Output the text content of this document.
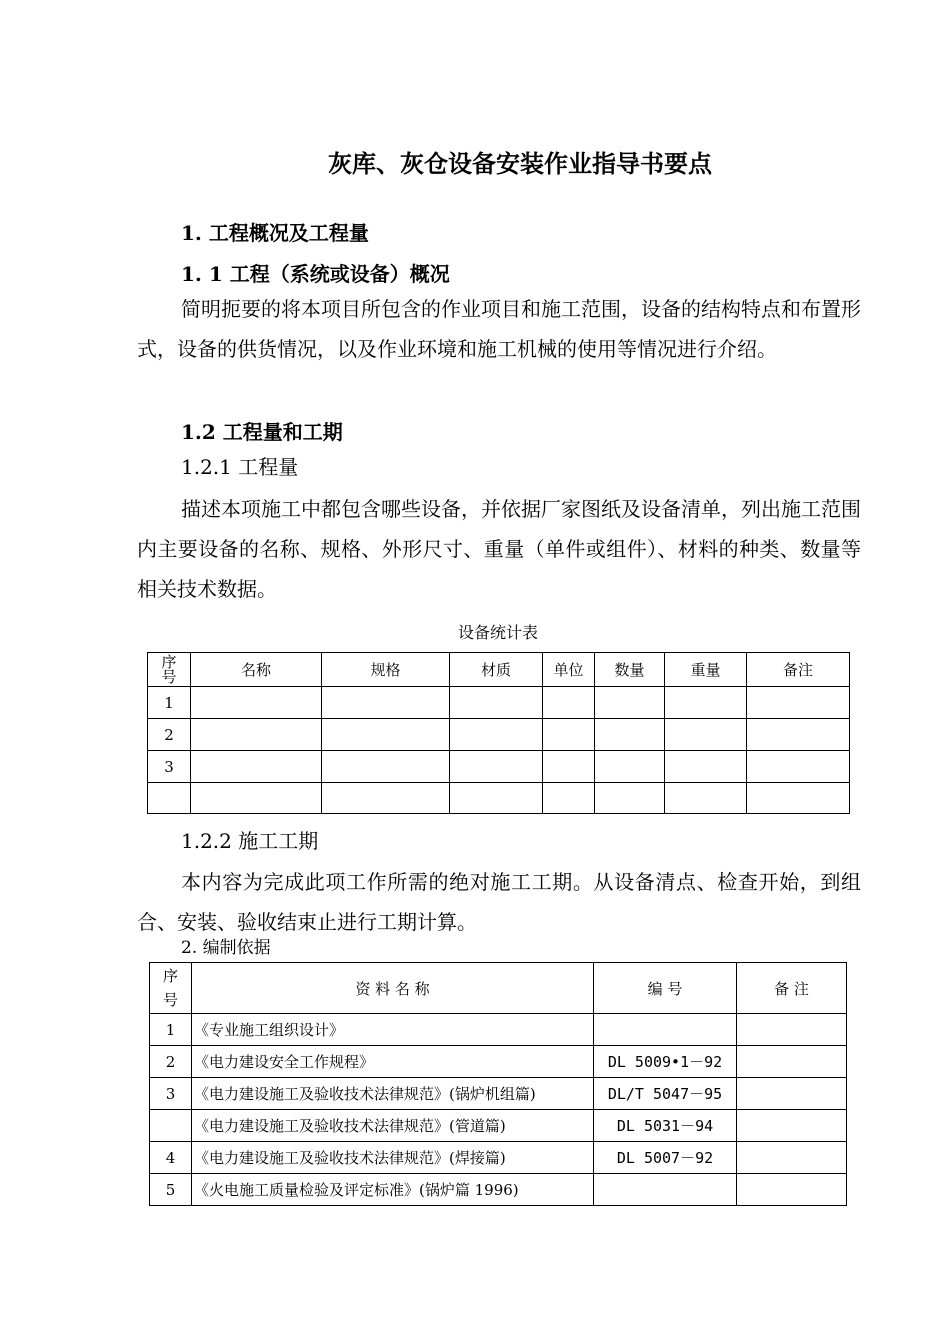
灰库、灰仓设备安装作业指导书要点
1. 工程概况及工程量
1. 1 工程（系统或设备）概况

简明扼要的将本项目所包含的作业项目和施工范围，设备的结构特点和布置形式，设备的供货情况，以及作业环境和施工机械的使用等情况进行介绍。

1.2 工程量和工期
1.2.1 工程量

描述本项施工中都包含哪些设备，并依据厂家图纸及设备清单，列出施工范围内主要设备的名称、规格、外形尺寸、重量（单件或组件）、材料的种类、数量等相关技术数据。

设备统计表
序号	名称	规格	材质	单位	数量	重量	备注
1							
2							
3							

1.2.2 施工工期

本内容为完成此项工作所需的绝对施工工期。从设备清点、检查开始，到组合、安装、验收结束止进行工期计算。

2. 编制依据
序号	资 料 名 称	编 号	备 注
1	《专业施工组织设计》		
2	《电力建设安全工作规程》	DL 5009•1－92	
3	《电力建设施工及验收技术法律规范》(锅炉机组篇)	DL/T 5047－95	
	《电力建设施工及验收技术法律规范》(管道篇)	DL 5031－94	
4	《电力建设施工及验收技术法律规范》(焊接篇)	DL 5007－92	
5	《火电施工质量检验及评定标准》(锅炉篇 1996)		
